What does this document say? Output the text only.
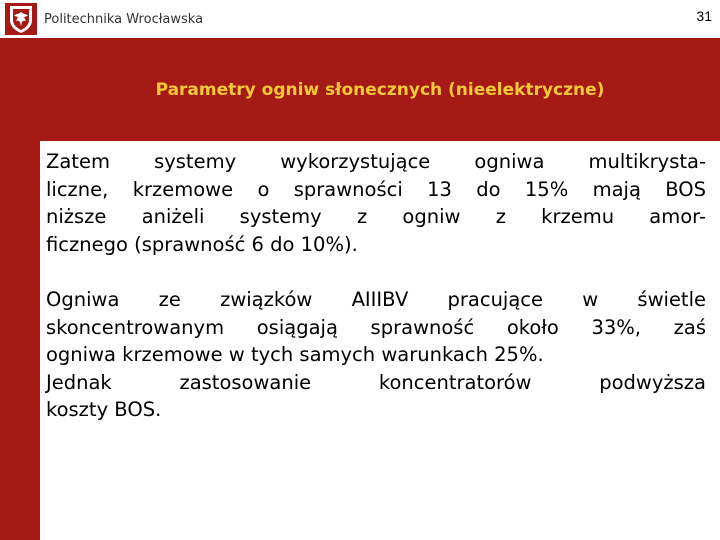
Politechnika Wrocławska	31
Parametry ogniw słonecznych (nieelektryczne)

Zatem systemy wykorzystujące ogniwa multikrysta-
liczne, krzemowe o sprawności 13 do 15% mają BOS
niższe aniżeli systemy z ogniw z krzemu amor-
ficznego (sprawność 6 do 10%).

Ogniwa ze związków AIIIBV pracujące w świetle
skoncentrowanym osiągają sprawność około 33%, zaś
ogniwa krzemowe w tych samych warunkach 25%.
Jednak zastosowanie koncentratorów podwyższa
koszty BOS.
